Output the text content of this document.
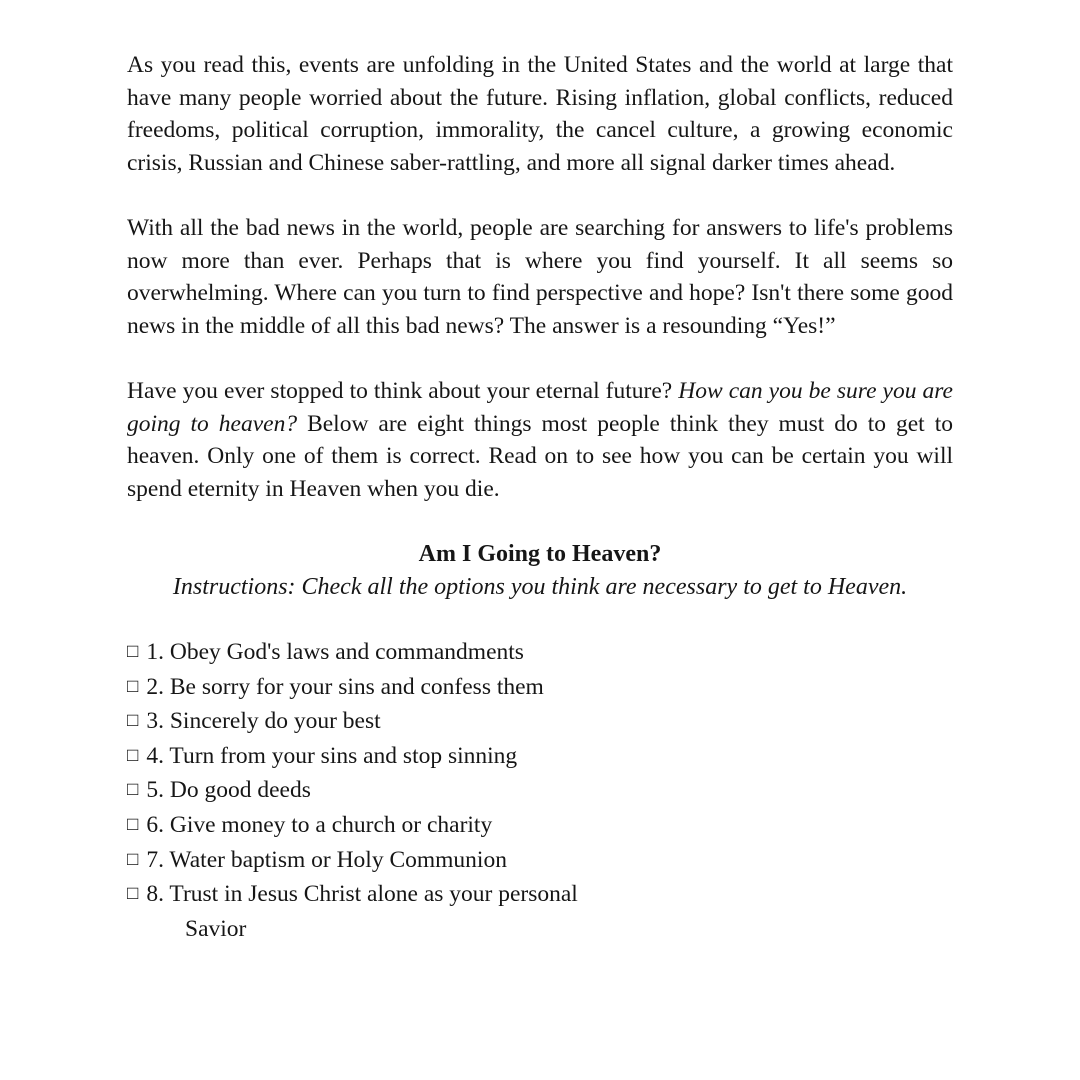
As you read this, events are unfolding in the United States and the world at large that have many people worried about the future. Rising inflation, global conflicts, reduced freedoms, political corruption, immorality, the cancel culture, a growing economic crisis, Russian and Chinese saber-rattling, and more all signal darker times ahead.

With all the bad news in the world, people are searching for answers to life's problems now more than ever. Perhaps that is where you find yourself. It all seems so overwhelming. Where can you turn to find perspective and hope? Isn't there some good news in the middle of all this bad news? The answer is a resounding “Yes!”

Have you ever stopped to think about your eternal future? How can you be sure you are going to heaven? Below are eight things most people think they must do to get to heaven. Only one of them is correct. Read on to see how you can be certain you will spend eternity in Heaven when you die.

Am I Going to Heaven?

Instructions: Check all the options you think are necessary to get to Heaven.

□ 1. Obey God's laws and commandments
□ 2. Be sorry for your sins and confess them
□ 3. Sincerely do your best
□ 4. Turn from your sins and stop sinning
□ 5. Do good deeds
□ 6. Give money to a church or charity
□ 7. Water baptism or Holy Communion
□ 8. Trust in Jesus Christ alone as your personal
Savior
